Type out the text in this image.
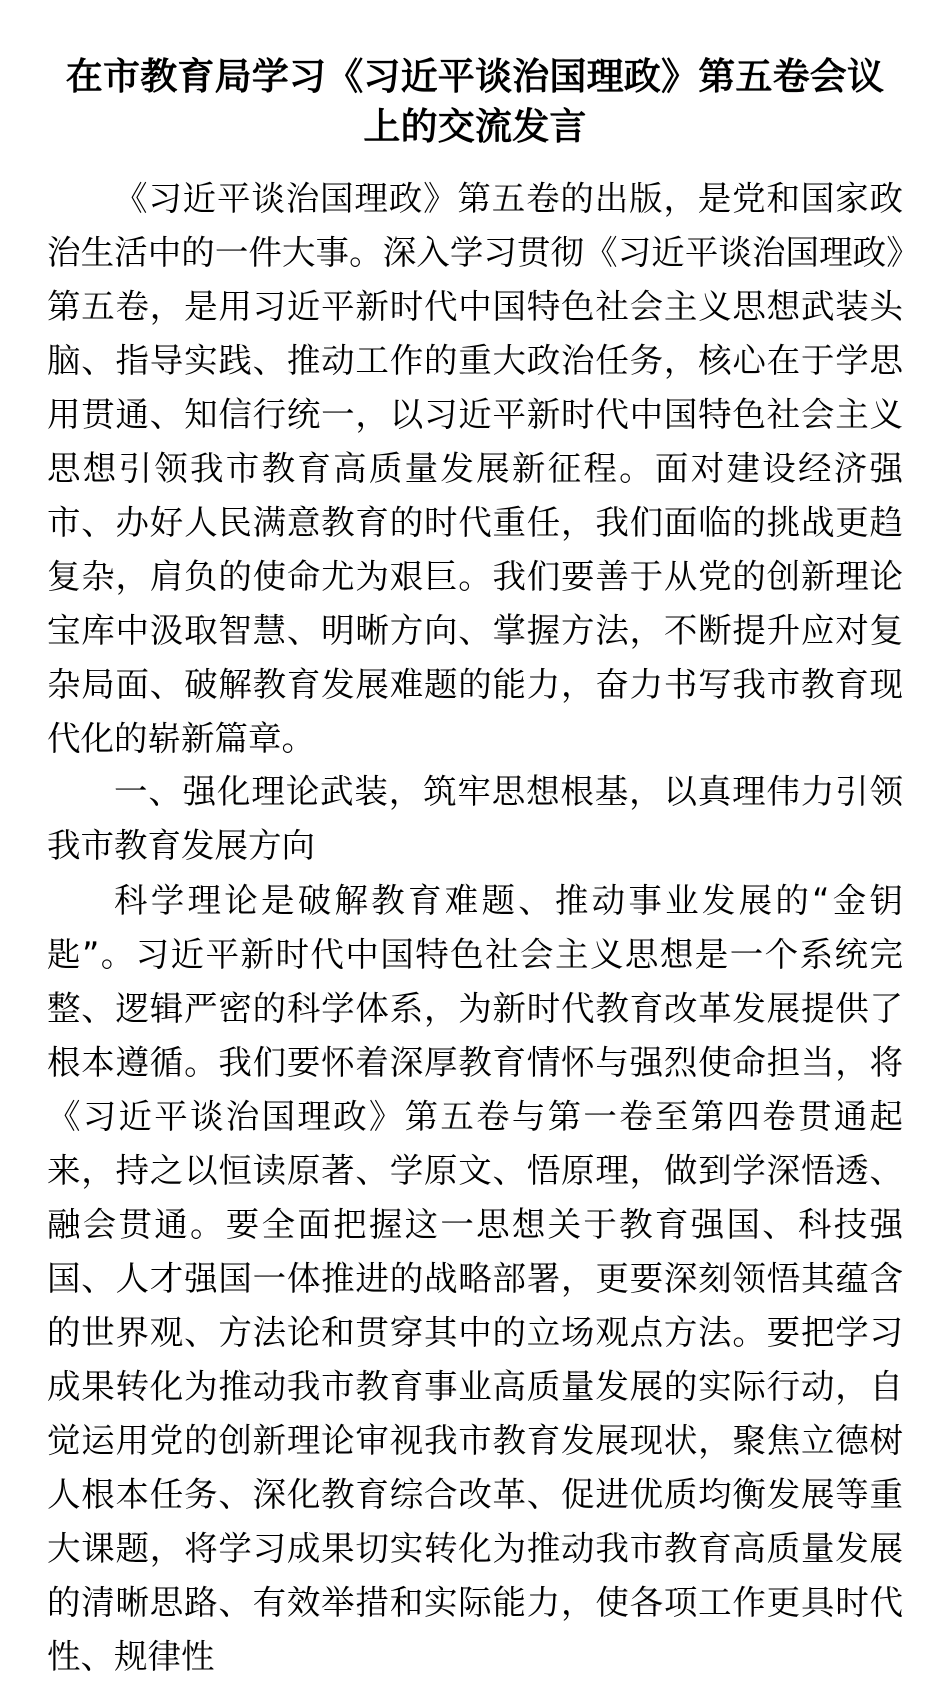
在市教育局学习《习近平谈治国理政》第五卷会议上的交流发言

《习近平谈治国理政》第五卷的出版，是党和国家政治生活中的一件大事。深入学习贯彻《习近平谈治国理政》第五卷，是用习近平新时代中国特色社会主义思想武装头脑、指导实践、推动工作的重大政治任务，核心在于学思用贯通、知信行统一，以习近平新时代中国特色社会主义思想引领我市教育高质量发展新征程。面对建设经济强市、办好人民满意教育的时代重任，我们面临的挑战更趋复杂，肩负的使命尤为艰巨。我们要善于从党的创新理论宝库中汲取智慧、明晰方向、掌握方法，不断提升应对复杂局面、破解教育发展难题的能力，奋力书写我市教育现代化的崭新篇章。

一、强化理论武装，筑牢思想根基，以真理伟力引领我市教育发展方向

科学理论是破解教育难题、推动事业发展的“金钥匙”。习近平新时代中国特色社会主义思想是一个系统完整、逻辑严密的科学体系，为新时代教育改革发展提供了根本遵循。我们要怀着深厚教育情怀与强烈使命担当，将《习近平谈治国理政》第五卷与第一卷至第四卷贯通起来，持之以恒读原著、学原文、悟原理，做到学深悟透、融会贯通。要全面把握这一思想关于教育强国、科技强国、人才强国一体推进的战略部署，更要深刻领悟其蕴含的世界观、方法论和贯穿其中的立场观点方法。要把学习成果转化为推动我市教育事业高质量发展的实际行动，自觉运用党的创新理论审视我市教育发展现状，聚焦立德树人根本任务、深化教育综合改革、促进优质均衡发展等重大课题，将学习成果切实转化为推动我市教育高质量发展的清晰思路、有效举措和实际能力，使各项工作更具时代性、规律性
